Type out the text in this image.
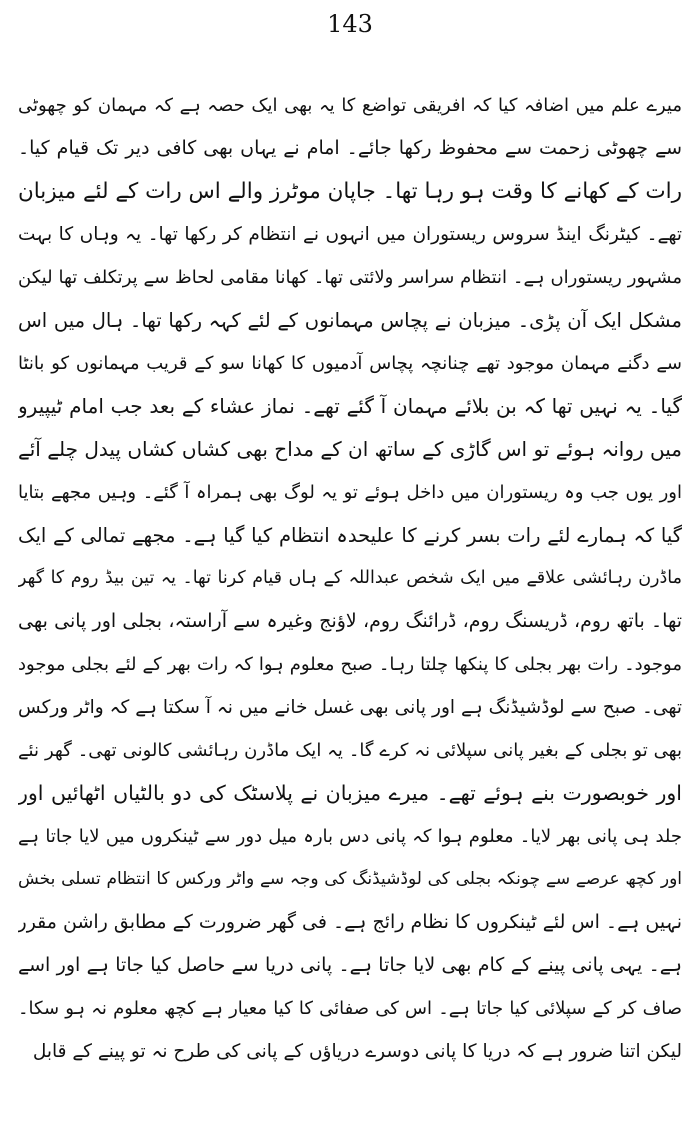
143
میرے علم میں اضافہ کیا کہ افریقی تواضع کا یہ بھی ایک حصہ ہے کہ مہمان کو چھوٹی
سے چھوٹی زحمت سے محفوظ رکھا جائے۔ امام نے یہاں بھی کافی دیر تک قیام کیا۔
رات کے کھانے کا وقت ہو رہا تھا۔ جاپان موٹرز والے اس رات کے لئے میزبان
تھے۔ کیٹرنگ اینڈ سروس ریستوران میں انہوں نے انتظام کر رکھا تھا۔ یہ وہاں کا بہت
مشہور ریستوراں ہے۔ انتظام سراسر ولائتی تھا۔ کھانا مقامی لحاظ سے پرتکلف تھا لیکن
مشکل ایک آن پڑی۔ میزبان نے پچاس مہمانوں کے لئے کہہ رکھا تھا۔ ہال میں اس
سے دگنے مہمان موجود تھے چنانچہ پچاس آدمیوں کا کھانا سو کے قریب مہمانوں کو بانٹا
گیا۔ یہ نہیں تھا کہ بن بلائے مہمان آ گئے تھے۔ نماز عشاء کے بعد جب امام ٹیپیرو
میں روانہ ہوئے تو اس گاڑی کے ساتھ ان کے مداح بھی کشاں کشاں پیدل چلے آئے
اور یوں جب وہ ریستوران میں داخل ہوئے تو یہ لوگ بھی ہمراہ آ گئے۔ وہیں مجھے بتایا
گیا کہ ہمارے لئے رات بسر کرنے کا علیحدہ انتظام کیا گیا ہے۔ مجھے تمالی کے ایک
ماڈرن رہائشی علاقے میں ایک شخص عبداللہ کے ہاں قیام کرنا تھا۔ یہ تین بیڈ روم کا گھر
تھا۔ باتھ روم، ڈریسنگ روم، ڈرائنگ روم، لاؤنج وغیرہ سے آراستہ، بجلی اور پانی بھی
موجود۔ رات بھر بجلی کا پنکھا چلتا رہا۔ صبح معلوم ہوا کہ رات بھر کے لئے بجلی موجود
تھی۔ صبح سے لوڈشیڈنگ ہے اور پانی بھی غسل خانے میں نہ آ سکتا ہے کہ واٹر ورکس
بھی تو بجلی کے بغیر پانی سپلائی نہ کرے گا۔ یہ ایک ماڈرن رہائشی کالونی تھی۔ گھر نئے
اور خوبصورت بنے ہوئے تھے۔ میرے میزبان نے پلاسٹک کی دو بالٹیاں اٹھائیں اور
جلد ہی پانی بھر لایا۔ معلوم ہوا کہ پانی دس بارہ میل دور سے ٹینکروں میں لایا جاتا ہے
اور کچھ عرصے سے چونکہ بجلی کی لوڈشیڈنگ کی وجہ سے واٹر ورکس کا انتظام تسلی بخش
نہیں ہے۔ اس لئے ٹینکروں کا نظام رائج ہے۔ فی گھر ضرورت کے مطابق راشن مقرر
ہے۔ یہی پانی پینے کے کام بھی لایا جاتا ہے۔ پانی دریا سے حاصل کیا جاتا ہے اور اسے
صاف کر کے سپلائی کیا جاتا ہے۔ اس کی صفائی کا کیا معیار ہے کچھ معلوم نہ ہو سکا۔
لیکن اتنا ضرور ہے کہ دریا کا پانی دوسرے دریاؤں کے پانی کی طرح نہ تو پینے کے قابل
